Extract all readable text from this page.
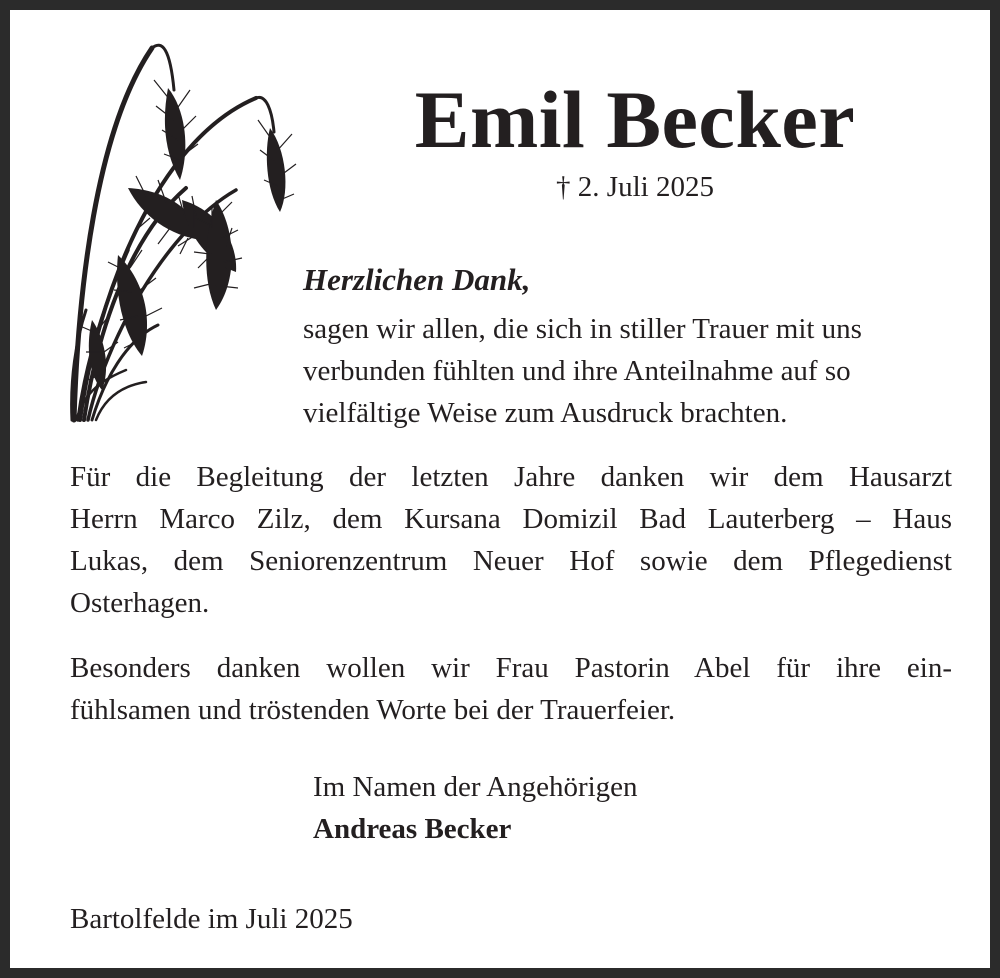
Emil Becker
† 2. Juli 2025
Herzlichen Dank,
sagen wir allen, die sich in stiller Trauer mit uns
verbunden fühlten und ihre Anteilnahme auf so
vielfältige Weise zum Ausdruck brachten.
Für die Begleitung der letzten Jahre danken wir dem Hausarzt
Herrn Marco Zilz, dem Kursana Domizil Bad Lauterberg – Haus
Lukas, dem Seniorenzentrum Neuer Hof sowie dem Pflegedienst
Osterhagen.
Besonders danken wollen wir Frau Pastorin Abel für ihre ein-
fühlsamen und tröstenden Worte bei der Trauerfeier.
Im Namen der Angehörigen
Andreas Becker
Bartolfelde im Juli 2025
